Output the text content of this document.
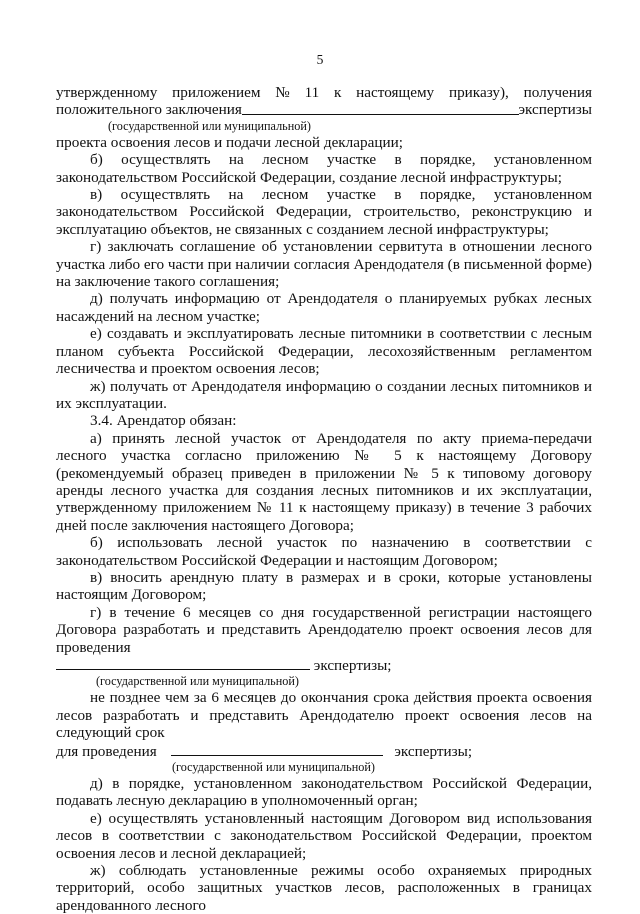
5
утвержденному приложением № 11 к настоящему приказу), получения
положительного заключения	экспертизы
(государственной или муниципальной)

проекта освоения лесов и подачи лесной декларации;

б) осуществлять на лесном участке в порядке, установленном законодательством Российской Федерации, создание лесной инфраструктуры;

в) осуществлять на лесном участке в порядке, установленном законодательством Российской Федерации, строительство, реконструкцию и эксплуатацию объектов, не связанных с созданием лесной инфраструктуры;

г) заключать соглашение об установлении сервитута в отношении лесного участка либо его части при наличии согласия Арендодателя (в письменной форме) на заключение такого соглашения;

д) получать информацию от Арендодателя о планируемых рубках лесных насаждений на лесном участке;

е) создавать и эксплуатировать лесные питомники в соответствии с лесным планом субъекта Российской Федерации, лесохозяйственным регламентом лесничества и проектом освоения лесов;

ж) получать от Арендодателя информацию о создании лесных питомников и их эксплуатации.

3.4. Арендатор обязан:

а) принять лесной участок от Арендодателя по акту приема-передачи лесного участка согласно приложению № 5 к настоящему Договору (рекомендуемый образец приведен в приложении № 5 к типовому договору аренды лесного участка для создания лесных питомников и их эксплуатации, утвержденному приложением № 11 к настоящему приказу) в течение 3 рабочих дней после заключения настоящего Договора;

б) использовать лесной участок по назначению в соответствии с законодательством Российской Федерации и настоящим Договором;

в) вносить арендную плату в размерах и в сроки, которые установлены настоящим Договором;

г) в течение 6 месяцев со дня государственной регистрации настоящего Договора разработать и представить Арендодателю проект освоения лесов для проведения

экспертизы;
(государственной или муниципальной)

не позднее чем за 6 месяцев до окончания срока действия проекта освоения лесов разработать и представить Арендодателю проект освоения лесов на следующий срок

для проведения	экспертизы;
(государственной или муниципальной)

д) в порядке, установленном законодательством Российской Федерации, подавать лесную декларацию в уполномоченный орган;

е) осуществлять установленный настоящим Договором вид использования лесов в соответствии с законодательством Российской Федерации, проектом освоения лесов и лесной декларацией;

ж) соблюдать установленные режимы особо охраняемых природных территорий, особо защитных участков лесов, расположенных в границах арендованного лесного
